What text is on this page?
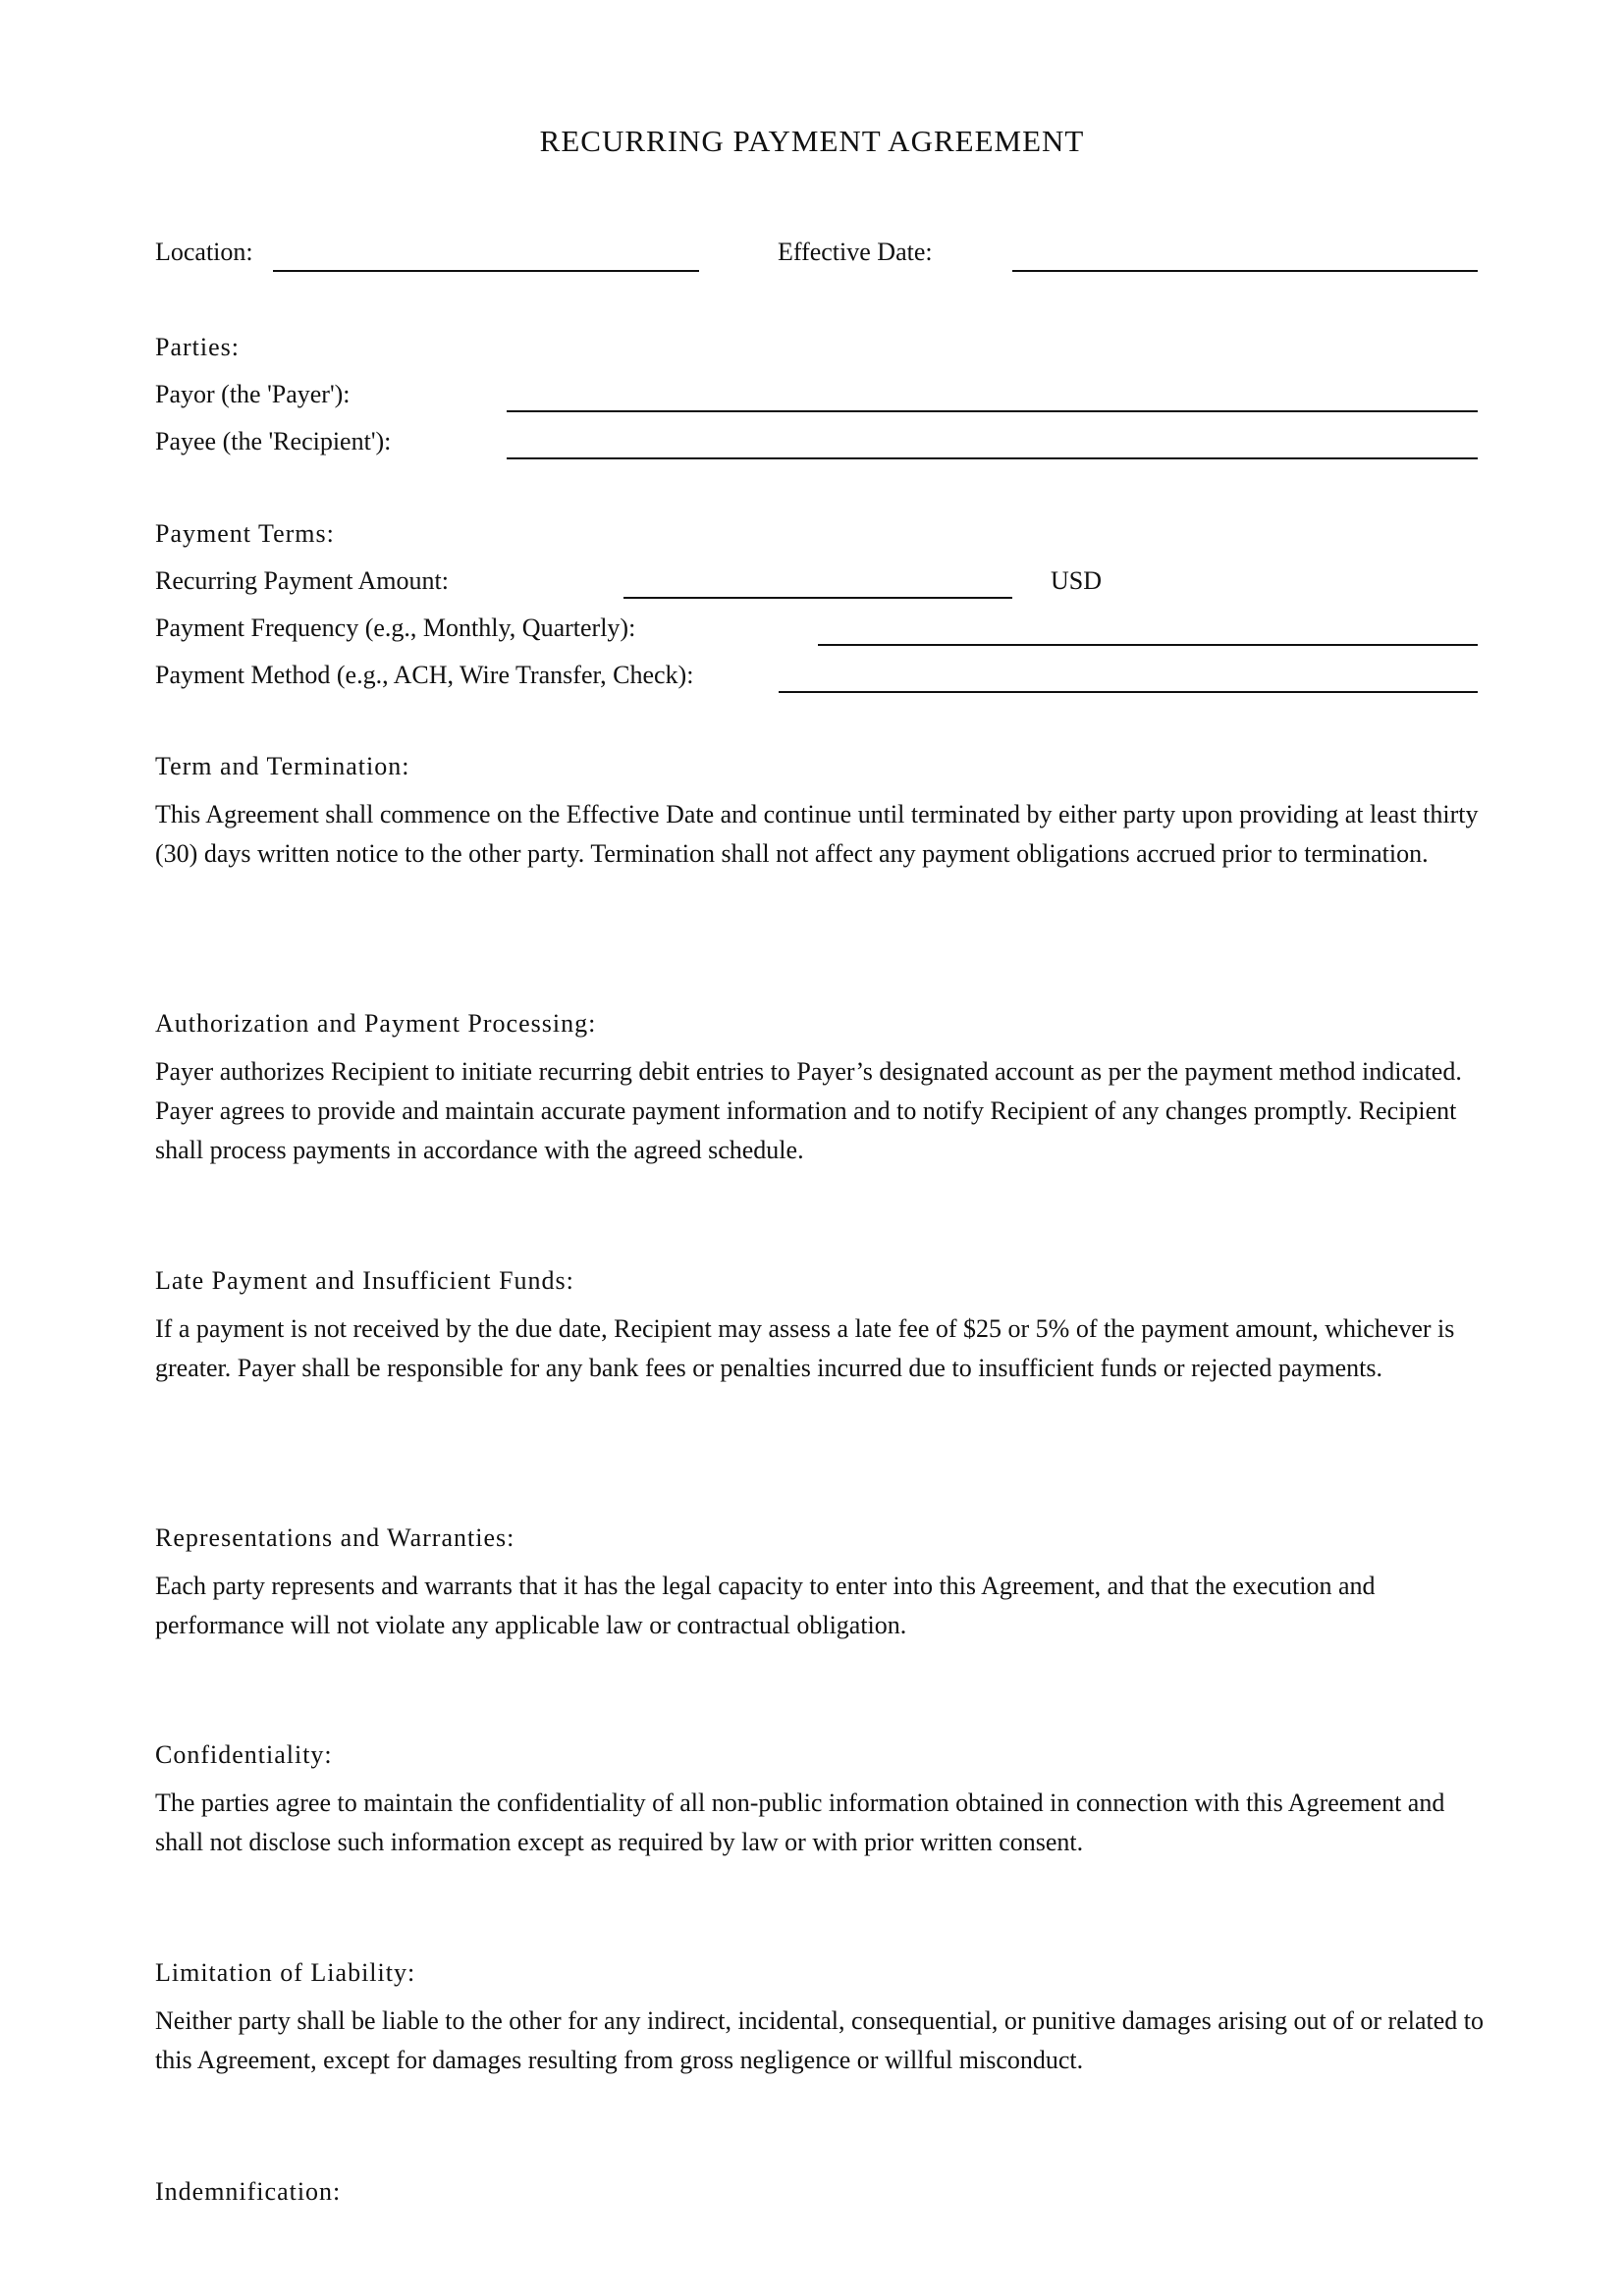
RECURRING PAYMENT AGREEMENT
Location:	Effective Date:
Parties:
Payor (the 'Payer'):
Payee (the 'Recipient'):
Payment Terms:
Recurring Payment Amount:	USD
Payment Frequency (e.g., Monthly, Quarterly):
Payment Method (e.g., ACH, Wire Transfer, Check):
Term and Termination:
This Agreement shall commence on the Effective Date and continue until terminated by either party upon providing at least thirty (30) days written notice to the other party. Termination shall not affect any payment obligations accrued prior to termination.
Authorization and Payment Processing:
Payer authorizes Recipient to initiate recurring debit entries to Payer’s designated account as per the payment method indicated. Payer agrees to provide and maintain accurate payment information and to notify Recipient of any changes promptly. Recipient shall process payments in accordance with the agreed schedule.
Late Payment and Insufficient Funds:
If a payment is not received by the due date, Recipient may assess a late fee of $25 or 5% of the payment amount, whichever is greater. Payer shall be responsible for any bank fees or penalties incurred due to insufficient funds or rejected payments.
Representations and Warranties:
Each party represents and warrants that it has the legal capacity to enter into this Agreement, and that the execution and performance will not violate any applicable law or contractual obligation.
Confidentiality:
The parties agree to maintain the confidentiality of all non-public information obtained in connection with this Agreement and shall not disclose such information except as required by law or with prior written consent.
Limitation of Liability:
Neither party shall be liable to the other for any indirect, incidental, consequential, or punitive damages arising out of or related to this Agreement, except for damages resulting from gross negligence or willful misconduct.
Indemnification:
